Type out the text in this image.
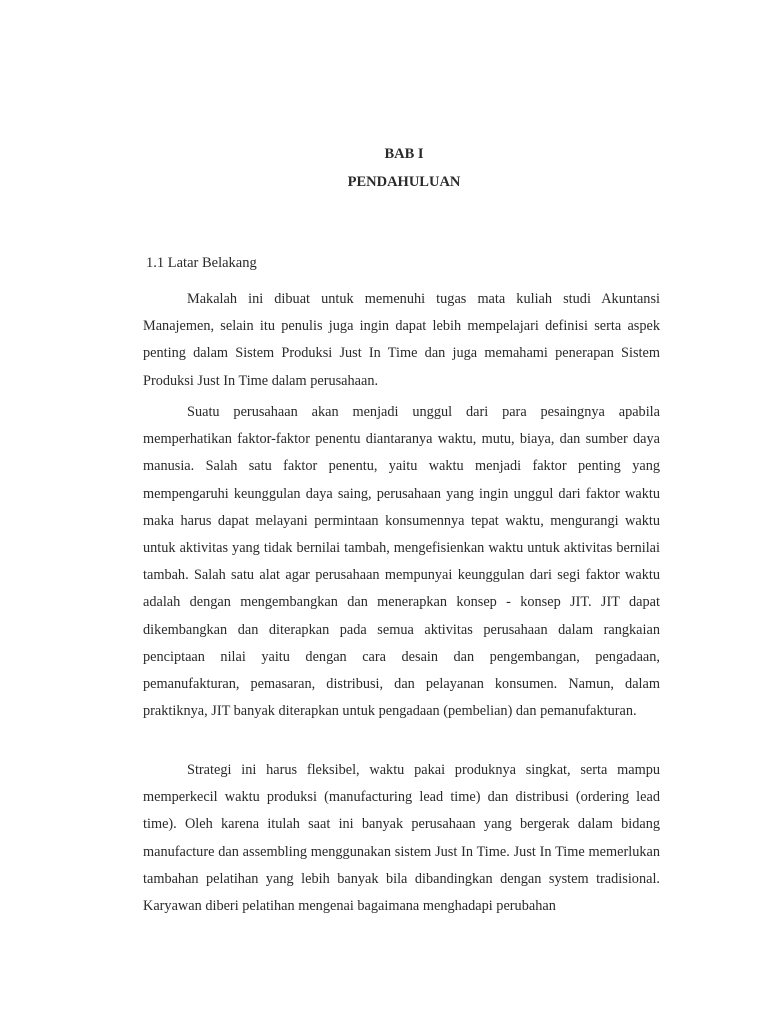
BAB I
PENDAHULUAN
1.1 Latar Belakang

Makalah ini dibuat untuk memenuhi tugas mata kuliah studi Akuntansi Manajemen, selain itu penulis juga ingin dapat lebih mempelajari definisi serta aspek penting dalam Sistem Produksi Just In Time dan juga memahami penerapan Sistem Produksi Just In Time dalam perusahaan.

Suatu perusahaan akan menjadi unggul dari para pesaingnya apabila memperhatikan faktor-faktor penentu diantaranya waktu, mutu, biaya, dan sumber daya manusia. Salah satu faktor penentu, yaitu waktu menjadi faktor penting yang mempengaruhi keunggulan daya saing, perusahaan yang ingin unggul dari faktor waktu maka harus dapat melayani permintaan konsumennya tepat waktu, mengurangi waktu untuk aktivitas yang tidak bernilai tambah, mengefisienkan waktu untuk aktivitas bernilai tambah. Salah satu alat agar perusahaan mempunyai keunggulan dari segi faktor waktu adalah dengan mengembangkan dan menerapkan konsep - konsep JIT. JIT dapat dikembangkan dan diterapkan pada semua aktivitas perusahaan dalam rangkaian penciptaan nilai yaitu dengan cara desain dan pengembangan, pengadaan, pemanufakturan, pemasaran, distribusi, dan pelayanan konsumen. Namun, dalam praktiknya, JIT banyak diterapkan untuk pengadaan (pembelian) dan pemanufakturan.

Strategi ini harus fleksibel, waktu pakai produknya singkat, serta mampu memperkecil waktu produksi (manufacturing lead time) dan distribusi (ordering lead time). Oleh karena itulah saat ini banyak perusahaan yang bergerak dalam bidang manufacture dan assembling menggunakan sistem Just In Time. Just In Time memerlukan tambahan pelatihan yang lebih banyak bila dibandingkan dengan system tradisional. Karyawan diberi pelatihan mengenai bagaimana menghadapi perubahan
